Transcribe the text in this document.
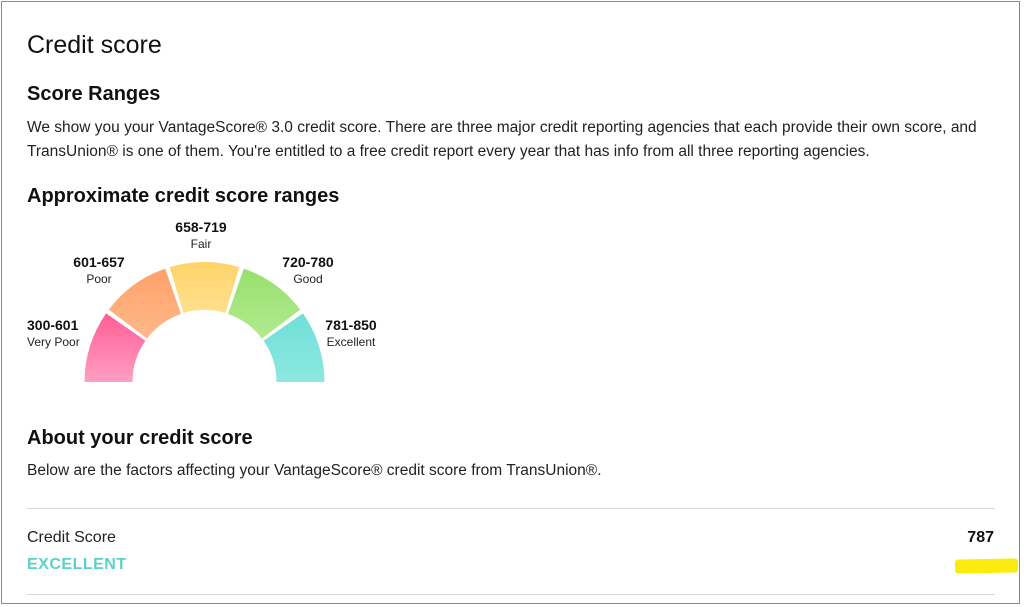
Credit score
Score Ranges

We show you your VantageScore® 3.0 credit score. There are three major credit reporting agencies that each provide their own score, and TransUnion® is one of them. You're entitled to a free credit report every year that has info from all three reporting agencies.

Approximate credit score ranges
300-601
Very Poor
601-657
Poor
658-719
Fair
720-780
Good
781-850
Excellent
About your credit score

Below are the factors affecting your VantageScore® credit score from TransUnion®.

Credit Score
EXCELLENT
787
